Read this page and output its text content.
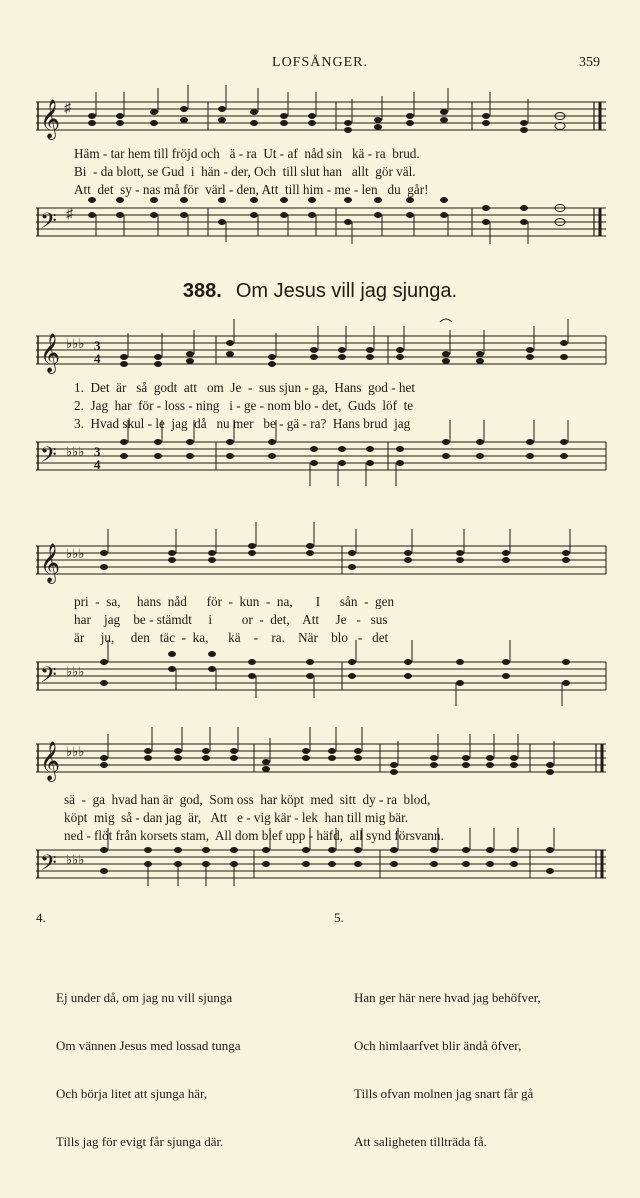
LOFSÅNGER.	359
𝄞 ♯
Häm - tar hem till fröjd och   ä - ra  Ut - af  nåd sin   kä - ra  brud.
Bi  - da blott, se Gud  i  hän - der, Och  till slut han   allt  gör väl.
Att  det  sy - nas må för  värl - den, Att  till him - me - len   du  går!
𝄢 ♯
388. Om Jesus vill jag sjunga.
𝄞 ♭♭♭ 3
4
1.  Det  är   så  godt  att   om  Je  -  sus sjun - ga,  Hans  god - het
2.  Jag  har  för - loss - ning   i - ge - nom blo - det,  Guds  löf  te
3.  Hvad skul - le  jag  då   nu mer   be - gä - ra?  Hans brud  jag
𝄢 ♭♭♭ 3
4
𝄞 ♭♭♭
pri  -  sa,     hans  nåd      för  -  kun  -  na,       I      sån  -  gen
har    jag    be - stämdt     i         or  -  det,    Att     Je   -   sus
är     ju,     den   täc  -  ka,      kä    -    ra.    När    blo   -   det
𝄢 ♭♭♭
𝄞 ♭♭♭
sä  -  ga  hvad han är  god,  Som oss  har köpt  med  sitt  dy - ra  blod,
köpt  mig  så - dan jag  är,   Att   e - vig kär - lek  han till mig bär.
ned - flöt från korsets stam,  All dom blef upp - häfd,  all synd försvann.
𝄢 ♭♭♭

4.

Ej under då, om jag nu vill sjunga

Om vännen Jesus med lossad tunga

Och börja litet att sjunga här,

Tills jag för evigt får sjunga där.

5.

Han ger här nere hvad jag behöfver,

Och himlaarfvet blir ändå öfver,

Tills ofvan molnen jag snart får gå

Att saligheten tillträda få.
